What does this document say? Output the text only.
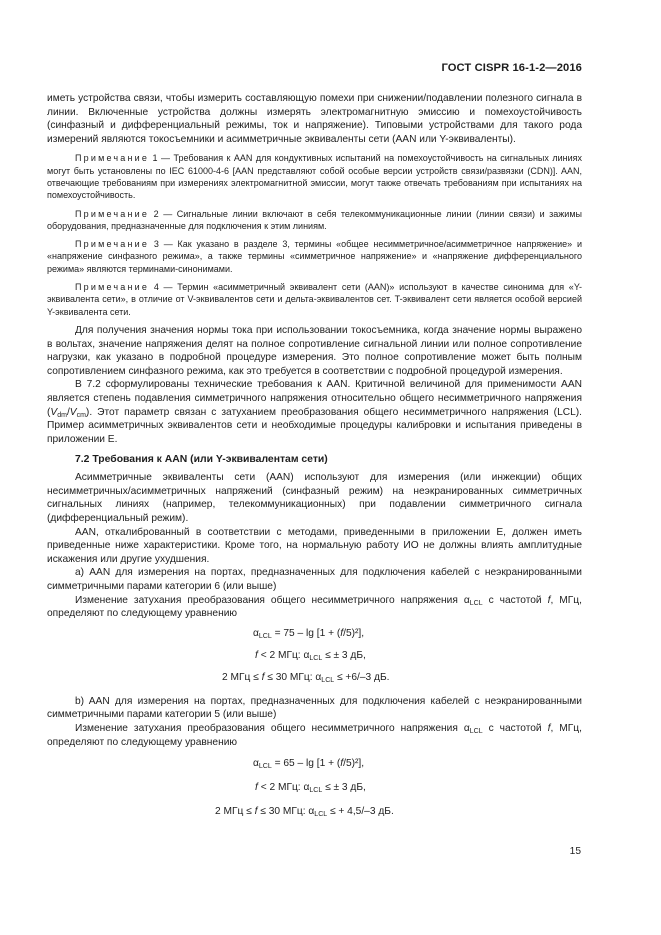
ГОСТ CISPR 16-1-2—2016

иметь устройства связи, чтобы измерить составляющую помехи при снижении/подавлении полезного сигнала в линии. Включенные устройства должны измерять электромагнитную эмиссию и помехоустойчивость (синфазный и дифференциальный режимы, ток и напряжение). Типовыми устройствами для такого рода измерений являются токосъемники и асимметричные эквиваленты сети (AAN или Y-эквиваленты).

Примечание 1 — Требования к AAN для кондуктивных испытаний на помехоустойчивость на сигнальных линиях могут быть установлены по IEC 61000-4-6 [AAN представляют собой особые версии устройств связи/развязки (CDN)]. AAN, отвечающие требованиям при измерениях электромагнитной эмиссии, могут также отвечать требованиям при испытаниях на помехоустойчивость.

Примечание 2 — Сигнальные линии включают в себя телекоммуникационные линии (линии связи) и зажимы оборудования, предназначенные для подключения к этим линиям.

Примечание 3 — Как указано в разделе 3, термины «общее несимметричное/асимметричное напряжение» и «напряжение синфазного режима», а также термины «симметричное напряжение» и «напряжение дифференциального режима» являются терминами-синонимами.

Примечание 4 — Термин «асимметричный эквивалент сети (AAN)» используют в качестве синонима для «Y-эквивалента сети», в отличие от V-эквивалентов сети и дельта-эквивалентов сет. T-эквивалент сети является особой версией Y-эквивалента сети.

Для получения значения нормы тока при использовании токосъемника, когда значение нормы выражено в вольтах, значение напряжения делят на полное сопротивление сигнальной линии или полное сопротивление нагрузки, как указано в подробной процедуре измерения. Это полное сопротивление может быть полным сопротивлением синфазного режима, как это требуется в соответствии с подробной процедурой измерения.

В 7.2 сформулированы технические требования к AAN. Критичной величиной для применимости AAN является степень подавления симметричного напряжения относительно общего несимметричного напряжения $(V_{dm}/V_{cm})$. Этот параметр связан с затуханием преобразования общего несимметричного напряжения (LCL). Пример асимметричных эквивалентов сети и необходимые процедуры калибровки и испытания приведены в приложении Е.

7.2 Требования к AAN (или Y-эквивалентам сети)

Асимметричные эквиваленты сети (AAN) используют для измерения (или инжекции) общих несимметричных/асимметричных напряжений (синфазный режим) на неэкранированных симметричных сигнальных линиях (например, телекоммуникационных) при подавлении симметричного сигнала (дифференциальный режим).

AAN, откалиброванный в соответствии с методами, приведенными в приложении Е, должен иметь приведенные ниже характеристики. Кроме того, на нормальную работу ИО не должны влиять амплитудные искажения или другие ухудшения.

а) AAN для измерения на портах, предназначенных для подключения кабелей с неэкранированными симметричными парами категории 6 (или выше)

Изменение затухания преобразования общего несимметричного напряжения $\alpha_{LCL}$ с частотой f, МГц, определяют по следующему уравнению

$\alpha_{LCL} = 75 - \lg [1 + (f/5)^2]$,
f < 2 МГц: $\alpha_{LCL}$ ≤ ± 3 дБ,
2 МГц ≤ f ≤ 30 МГц: $\alpha_{LCL} \le +6/-3$ дБ.

b) AAN для измерения на портах, предназначенных для подключения кабелей с неэкранированными симметричными парами категории 5 (или выше)

Изменение затухания преобразования общего несимметричного напряжения $\alpha_{LCL}$ с частотой f, МГц, определяют по следующему уравнению

$\alpha_{LCL} = 65 - \lg [1 + (f/5)^2]$,
f < 2 МГц: $\alpha_{LCL}$ ≤ ± 3 дБ,
2 МГц ≤ f ≤ 30 МГц: $\alpha_{LCL}$ ≤ + 4,5/–3 дБ.
15
